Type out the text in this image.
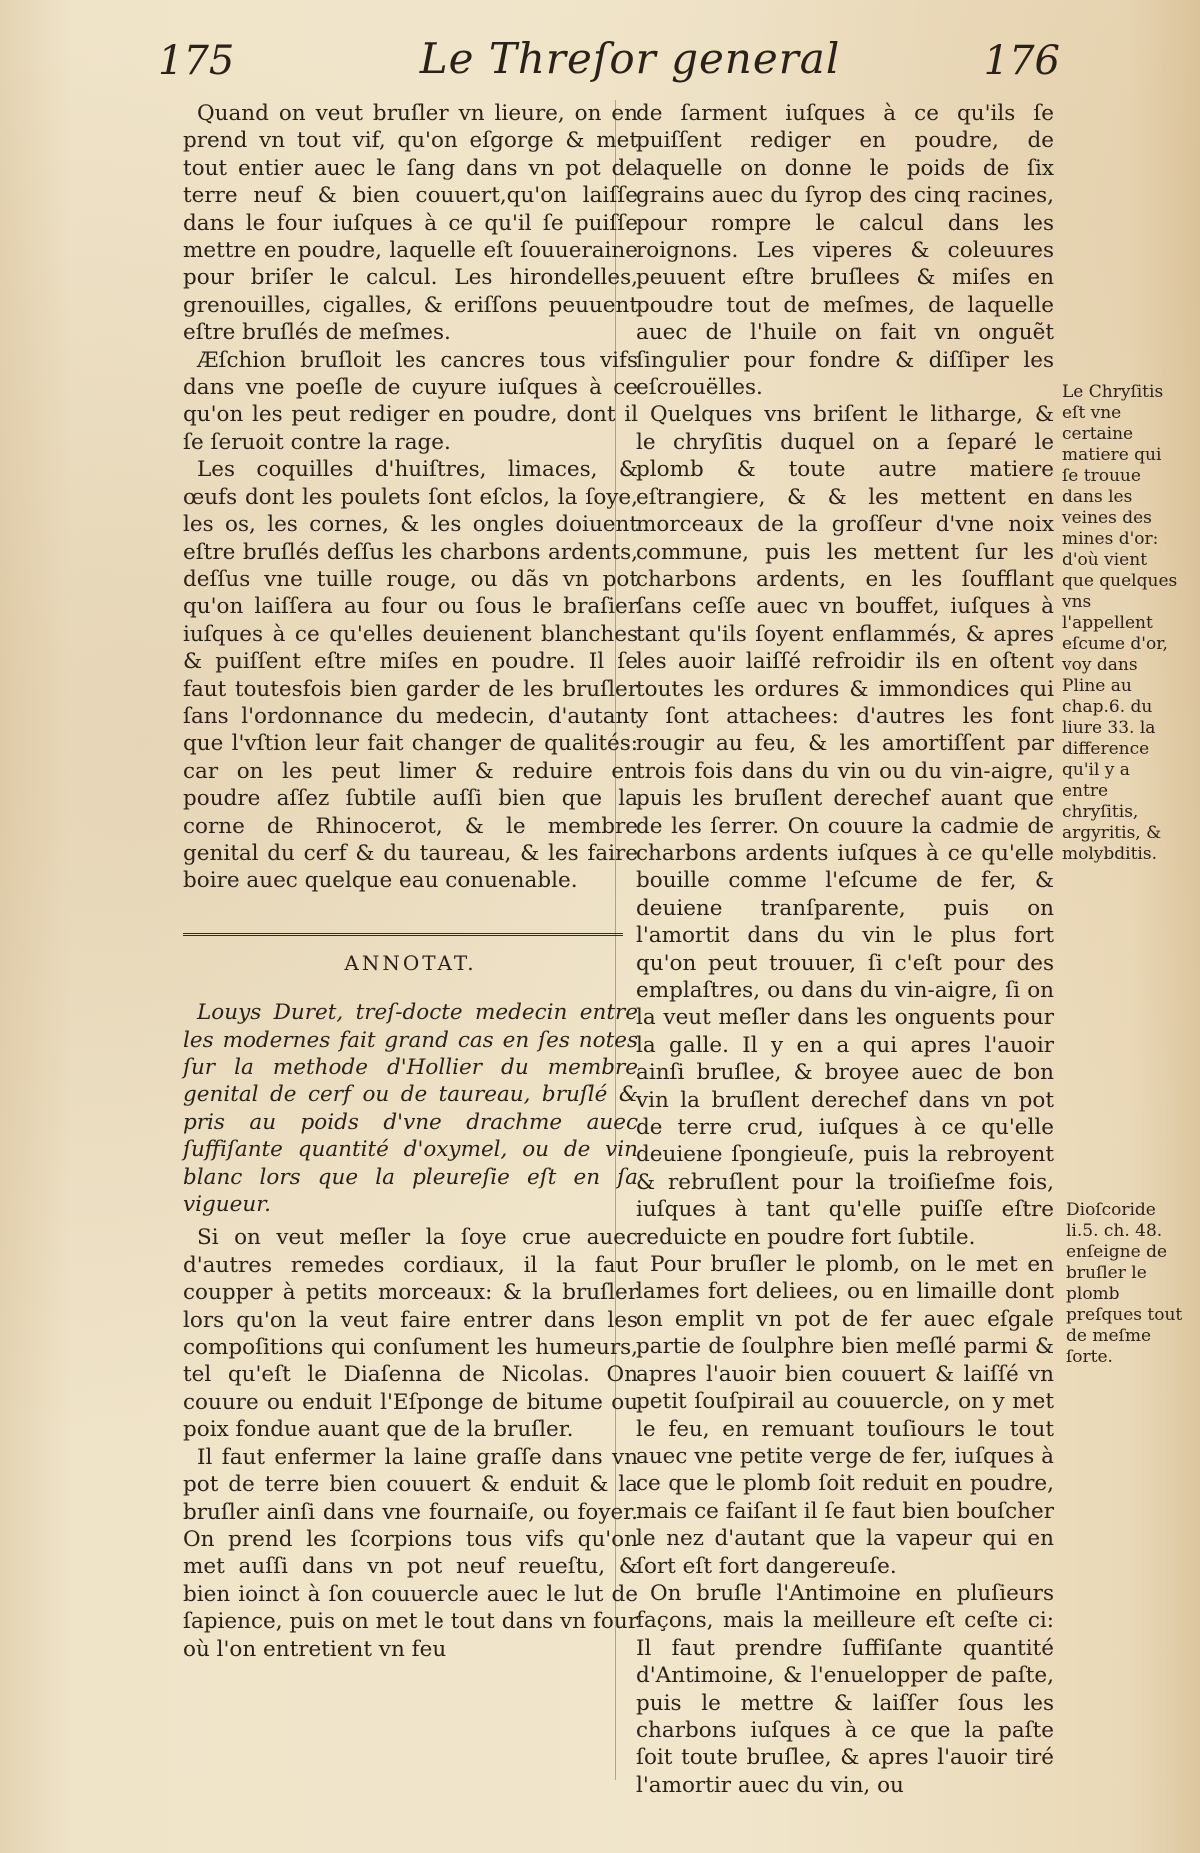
175	Le Threſor general	176

Quand on veut bruſler vn lieure, on en prend vn tout vif, qu'on eſgorge & met tout entier auec le ſang dans vn pot de terre neuf & bien couuert,qu'on laiſſe dans le four iuſques à ce qu'il ſe puiſſe mettre en poudre, laquelle eſt ſouueraine pour briſer le calcul. Les hirondelles, grenouilles, cigalles, & eriſſons peuuent eſtre bruſlés de meſmes.

Æſchion bruſloit les cancres tous vifs dans vne poeſle de cuyure iuſques à ce qu'on les peut rediger en poudre, dont il ſe ſeruoit contre la rage.

Les coquilles d'huiſtres, limaces, & œufs dont les poulets ſont eſclos, la ſoye, les os, les cornes, & les ongles doiuent eſtre bruſlés deſſus les charbons ardents, deſſus vne tuille rouge, ou dãs vn pot qu'on laiſſera au four ou ſous le braſier iuſques à ce qu'elles deuienent blanches & puiſſent eſtre miſes en poudre. Il ſe faut toutesfois bien garder de les bruſler ſans l'ordonnance du medecin, d'autant que l'vſtion leur fait changer de qualités: car on les peut limer & reduire en poudre aſſez ſubtile auſſi bien que la corne de Rhinocerot, & le membre genital du cerf & du taureau, & les faire boire auec quelque eau conuenable.

ANNOTAT.

Louys Duret, treſ-docte medecin entre les modernes fait grand cas en ſes notes ſur la methode d'Hollier du membre genital de cerf ou de taureau, bruſlé & pris au poids d'vne drachme auec ſuffiſante quantité d'oxymel, ou de vin blanc lors que la pleureſie eſt en ſa vigueur.

Si on veut meſler la ſoye crue auec d'autres remedes cordiaux, il la faut coupper à petits morceaux: & la bruſler lors qu'on la veut faire entrer dans les compoſitions qui conſument les humeurs, tel qu'eſt le Diaſenna de Nicolas. On couure ou enduit l'Eſponge de bitume ou poix fondue auant que de la bruſler.

Il faut enfermer la laine graſſe dans vn pot de terre bien couuert & enduit & la bruſler ainſi dans vne fournaiſe, ou foyer. On prend les ſcorpions tous vifs qu'on met auſſi dans vn pot neuf reueſtu, & bien ioinct à ſon couuercle auec le lut de ſapience, puis on met le tout dans vn four où l'on entretient vn feu

de ſarment iuſques à ce qu'ils ſe puiſſent rediger en poudre, de laquelle on donne le poids de ſix grains auec du ſyrop des cinq racines, pour rompre le calcul dans les roignons. Les viperes & coleuures peuuent eſtre bruſlees & miſes en poudre tout de meſmes, de laquelle auec de l'huile on fait vn onguẽt ſingulier pour fondre & diſſiper les eſcrouëlles.

Quelques vns briſent le litharge, & le chryſitis duquel on a ſeparé le plomb & toute autre matiere eſtrangiere, & & les mettent en morceaux de la groſſeur d'vne noix commune, puis les mettent ſur les charbons ardents, en les ſoufflant ſans ceſſe auec vn bouffet, iuſques à tant qu'ils ſoyent enflammés, & apres les auoir laiſſé refroidir ils en oſtent toutes les ordures & immondices qui y ſont attachees: d'autres les font rougir au feu, & les amortiſſent par trois fois dans du vin ou du vin-aigre, puis les bruſlent derechef auant que de les ſerrer. On couure la cadmie de charbons ardents iuſques à ce qu'elle bouille comme l'eſcume de fer, & deuiene tranſparente, puis on l'amortit dans du vin le plus fort qu'on peut trouuer, ſi c'eſt pour des emplaſtres, ou dans du vin-aigre, ſi on la veut meſler dans les onguents pour la galle. Il y en a qui apres l'auoir ainſi bruſlee, & broyee auec de bon vin la bruſlent derechef dans vn pot de terre crud, iuſques à ce qu'elle deuiene ſpongieuſe, puis la rebroyent & rebruſlent pour la troiſieſme fois, iuſques à tant qu'elle puiſſe eſtre reduicte en poudre fort ſubtile.

Pour bruſler le plomb, on le met en lames fort deliees, ou en limaille dont on emplit vn pot de fer auec eſgale partie de ſoulphre bien meſlé parmi & apres l'auoir bien couuert & laiſſé vn petit ſouſpirail au couuercle, on y met le feu, en remuant touſiours le tout auec vne petite verge de fer, iuſques à ce que le plomb ſoit reduit en poudre, mais ce faiſant il ſe faut bien bouſcher le nez d'autant que la vapeur qui en ſort eſt fort dangereuſe.

On bruſle l'Antimoine en pluſieurs façons, mais la meilleure eſt ceſte ci: Il faut prendre ſuffiſante quantité d'Antimoine, & l'enuelopper de paſte, puis le mettre & laiſſer ſous les charbons iuſques à ce que la paſte ſoit toute bruſlee, & apres l'auoir tiré l'amortir auec du vin, ou

Le Chryſitis eſt vne certaine matiere qui ſe trouue dans les veines des mines d'or: d'où vient que quelques vns l'appellent eſcume d'or, voy dans Pline au chap.6. du liure 33. la difference qu'il y a entre chryſitis, argyritis, & molybditis.
Dioſcoride li.5. ch. 48. enſeigne de bruſler le plomb preſques tout de meſme ſorte.
